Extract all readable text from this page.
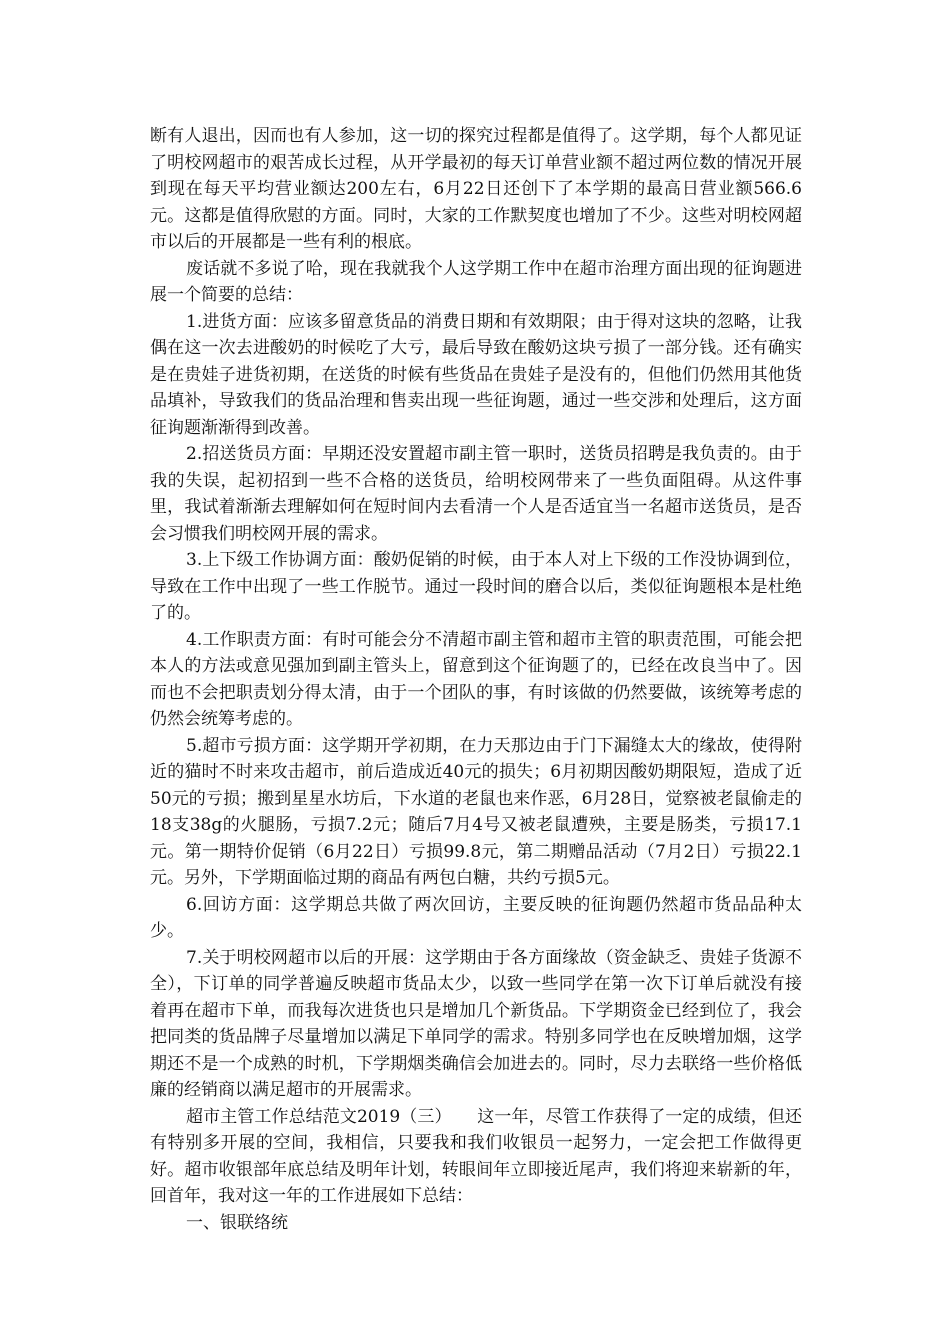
断有人退出，因而也有人参加，这一切的探究过程都是值得了。这学期，每个人都见证了明校网超市的艰苦成长过程，从开学最初的每天订单营业额不超过两位数的情况开展到现在每天平均营业额达200左右，6月22日还创下了本学期的最高日营业额566.6元。这都是值得欣慰的方面。同时，大家的工作默契度也增加了不少。这些对明校网超市以后的开展都是一些有利的根底。

废话就不多说了哈，现在我就我个人这学期工作中在超市治理方面出现的征询题进展一个简要的总结：

1.进货方面：应该多留意货品的消费日期和有效期限；由于得对这块的忽略，让我偶在这一次去进酸奶的时候吃了大亏，最后导致在酸奶这块亏损了一部分钱。还有确实是在贵娃子进货初期，在送货的时候有些货品在贵娃子是没有的，但他们仍然用其他货品填补，导致我们的货品治理和售卖出现一些征询题，通过一些交涉和处理后，这方面征询题渐渐得到改善。

2.招送货员方面：早期还没安置超市副主管一职时，送货员招聘是我负责的。由于我的失误，起初招到一些不合格的送货员，给明校网带来了一些负面阻碍。从这件事里，我试着渐渐去理解如何在短时间内去看清一个人是否适宜当一名超市送货员，是否会习惯我们明校网开展的需求。

3.上下级工作协调方面：酸奶促销的时候，由于本人对上下级的工作没协调到位，导致在工作中出现了一些工作脱节。通过一段时间的磨合以后，类似征询题根本是杜绝了的。

4.工作职责方面：有时可能会分不清超市副主管和超市主管的职责范围，可能会把本人的方法或意见强加到副主管头上，留意到这个征询题了的，已经在改良当中了。因而也不会把职责划分得太清，由于一个团队的事，有时该做的仍然要做，该统筹考虑的仍然会统筹考虑的。

5.超市亏损方面：这学期开学初期，在力天那边由于门下漏缝太大的缘故，使得附近的猫时不时来攻击超市，前后造成近40元的损失；6月初期因酸奶期限短，造成了近50元的亏损；搬到星星水坊后，下水道的老鼠也来作恶，6月28日，觉察被老鼠偷走的18支38g的火腿肠，亏损7.2元；随后7月4号又被老鼠遭殃，主要是肠类，亏损17.1元。第一期特价促销（6月22日）亏损99.8元，第二期赠品活动（7月2日）亏损22.1元。另外，下学期面临过期的商品有两包白糖，共约亏损5元。

6.回访方面：这学期总共做了两次回访，主要反映的征询题仍然超市货品品种太少。

7.关于明校网超市以后的开展：这学期由于各方面缘故（资金缺乏、贵娃子货源不全），下订单的同学普遍反映超市货品太少，以致一些同学在第一次下订单后就没有接着再在超市下单，而我每次进货也只是增加几个新货品。下学期资金已经到位了，我会把同类的货品牌子尽量增加以满足下单同学的需求。特别多同学也在反映增加烟，这学期还不是一个成熟的时机，下学期烟类确信会加进去的。同时，尽力去联络一些价格低廉的经销商以满足超市的开展需求。

超市主管工作总结范文2019（三）　　这一年，尽管工作获得了一定的成绩，但还有特别多开展的空间，我相信，只要我和我们收银员一起努力，一定会把工作做得更好。超市收银部年底总结及明年计划，转眼间年立即接近尾声，我们将迎来崭新的年，回首年，我对这一年的工作进展如下总结：

一、银联络统
